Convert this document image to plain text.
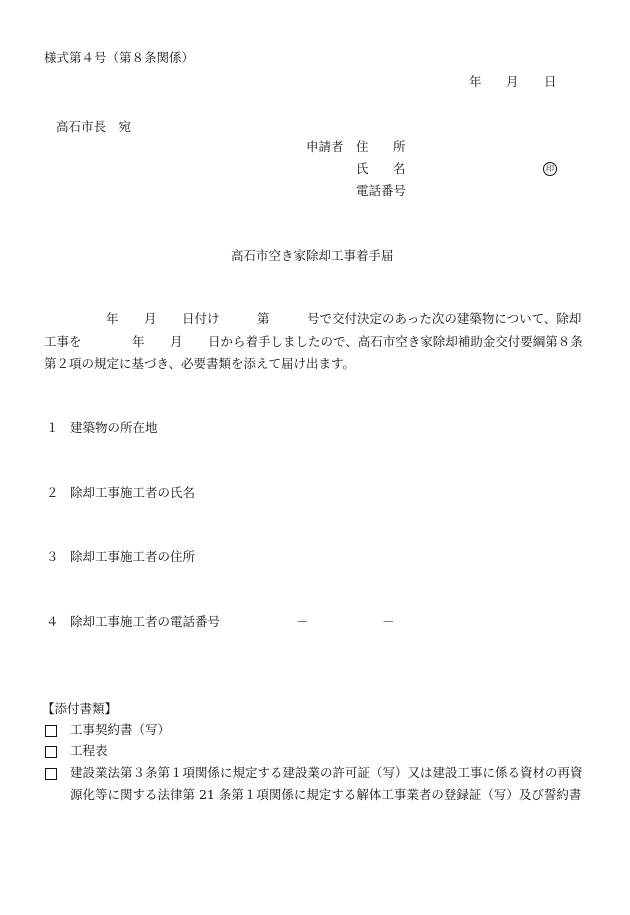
様式第４号（第８条関係）
年 月 日
高石市長　宛
申請者 住 所
氏 名	印
電話番号
高石市空き家除却工事着手届
年 月 日付け	第	号で交付決定のあった次の建築物について、除却
工事を	年 月 日から着手しましたので、高石市空き家除却補助金交付要綱第８条
第２項の規定に基づき、必要書類を添えて届け出ます。
１ 建築物の所在地
２ 除却工事施工者の氏名
３ 除却工事施工者の住所
４ 除却工事施工者の電話番号	－	－
【添付書類】
工事契約書（写）
工程表
建設業法第３条第１項関係に規定する建設業の許可証（写）又は建設工事に係る資材の再資
源化等に関する法律第 21 条第１項関係に規定する解体工事業者の登録証（写）及び誓約書
